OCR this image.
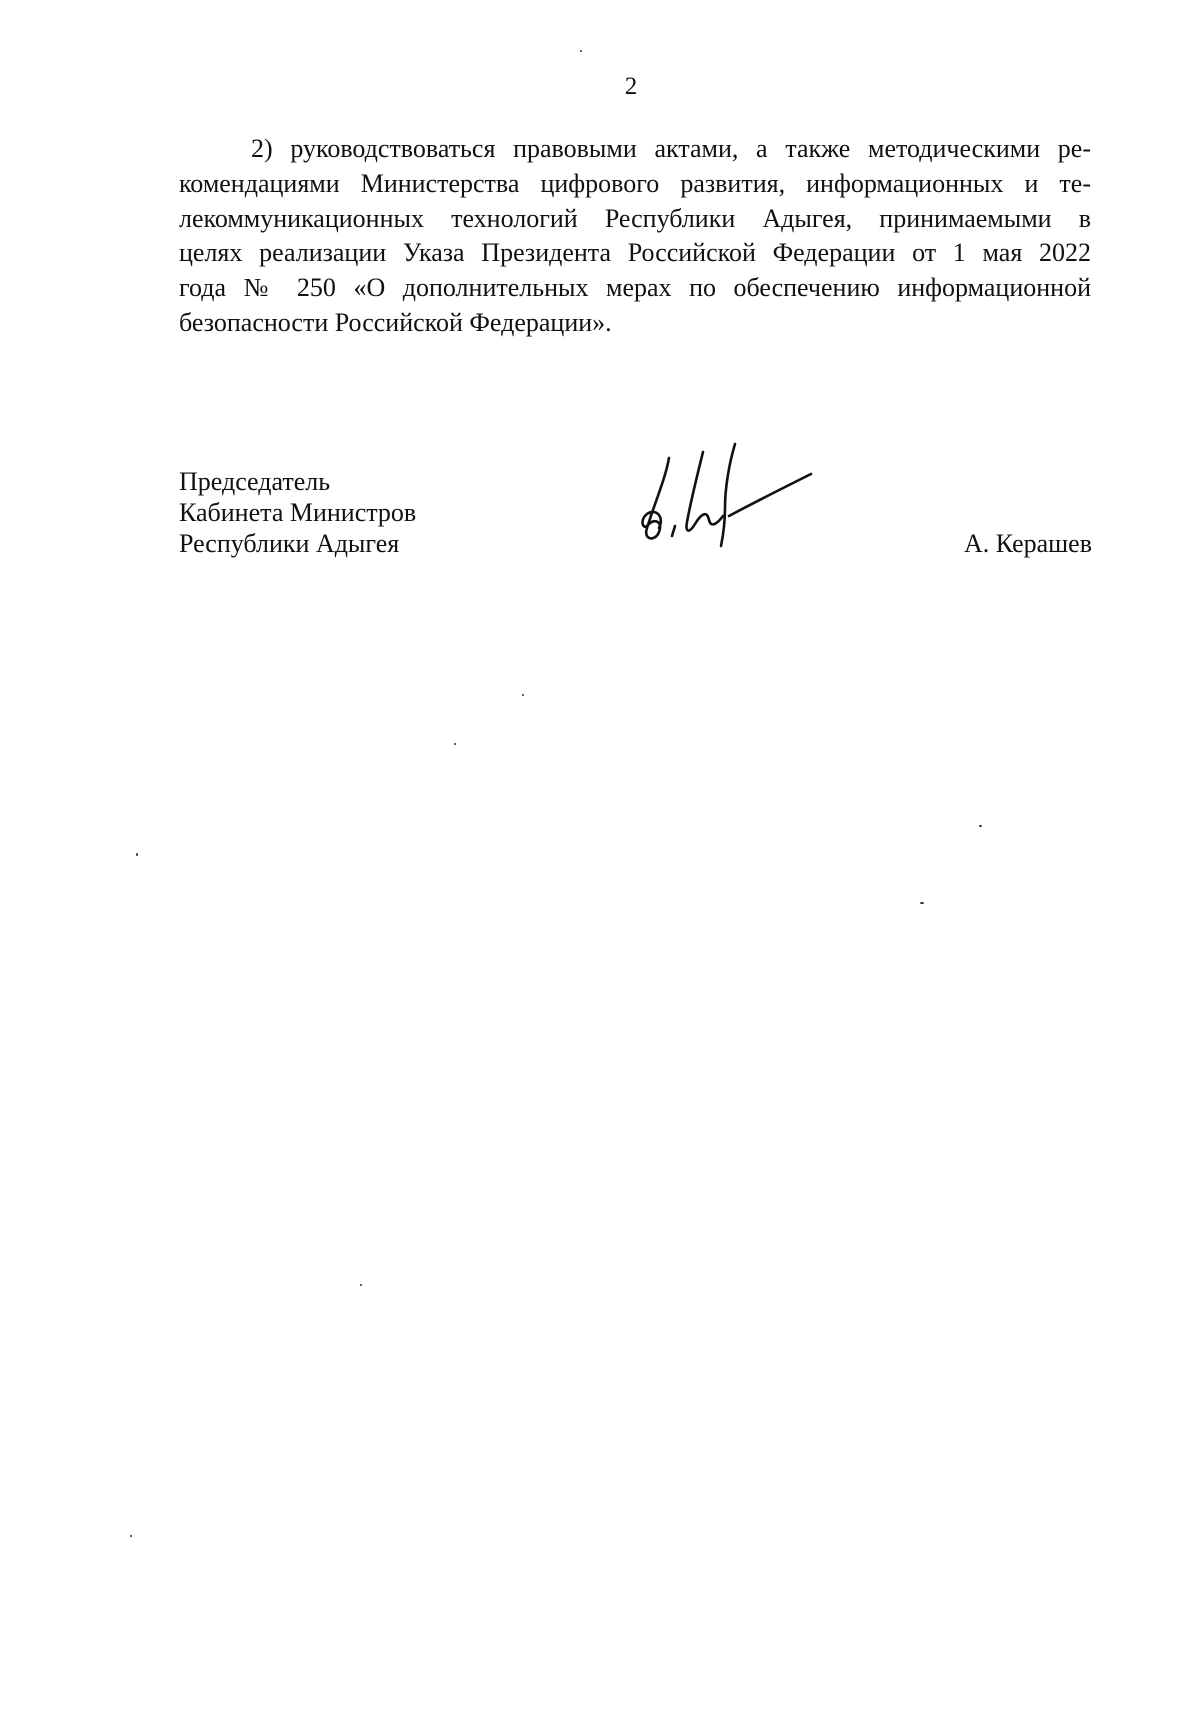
2
2) руководствоваться правовыми актами, а также методическими ре-
комендациями Министерства цифрового развития, информационных и те-
лекоммуникационных технологий Республики Адыгея, принимаемыми в
целях реализации Указа Президента Российской Федерации от 1 мая 2022
года № 250 «О дополнительных мерах по обеспечению информационной
безопасности Российской Федерации».
Председатель
Кабинета Министров
Республики Адыгея	А. Керашев
